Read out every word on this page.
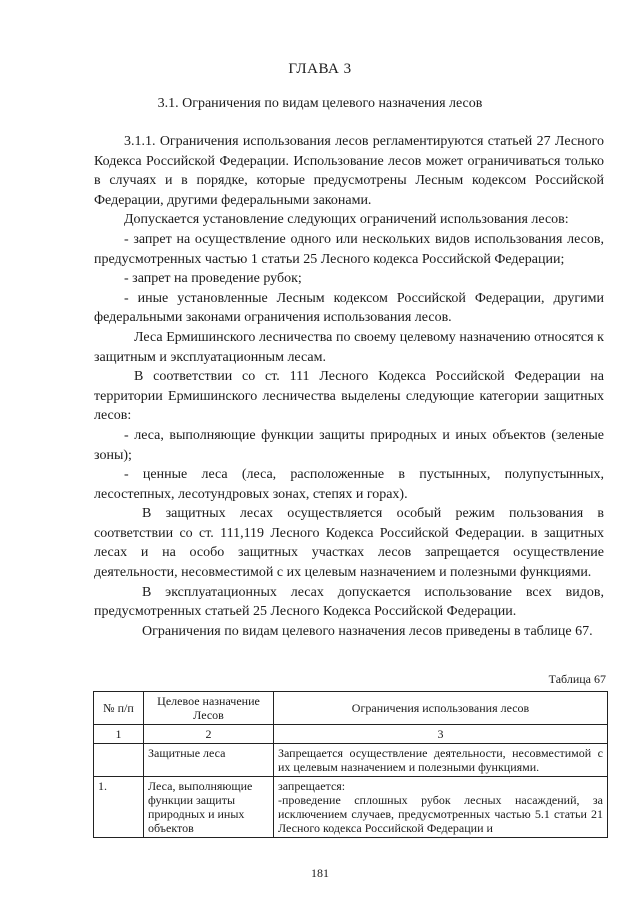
ГЛАВА 3
3.1. Ограничения по видам целевого назначения лесов

3.1.1. Ограничения использования лесов регламентируются статьей 27 Лесного Кодекса Российской Федерации. Использование лесов может ограничиваться только в случаях и в порядке, которые предусмотрены Лесным кодексом Российской Федерации, другими федеральными законами.

Допускается установление следующих ограничений использования лесов:

- запрет на осуществление одного или нескольких видов использования лесов, предусмотренных частью 1 статьи 25 Лесного кодекса Российской Федерации;

- запрет на проведение рубок;

- иные установленные Лесным кодексом Российской Федерации, другими федеральными законами ограничения использования лесов.

Леса Ермишинского лесничества по своему целевому назначению относятся к защитным и эксплуатационным лесам.

В соответствии со ст. 111 Лесного Кодекса Российской Федерации на территории Ермишинского лесничества выделены следующие категории защитных лесов:

- леса, выполняющие функции защиты природных и иных объектов (зеленые зоны);

- ценные леса (леса, расположенные в пустынных, полупустынных, лесостепных, лесотундровых зонах, степях и горах).

В защитных лесах осуществляется особый режим пользования в соответствии со ст. 111,119 Лесного Кодекса Российской Федерации. в защитных лесах и на особо защитных участках лесов запрещается осуществление деятельности, несовместимой с их целевым назначением и полезными функциями.

В эксплуатационных лесах допускается использование всех видов, предусмотренных статьей 25 Лесного Кодекса Российской Федерации.

Ограничения по видам целевого назначения лесов приведены в таблице 67.

Таблица 67
№ п/п	Целевое назначение Лесов	Ограничения использования лесов
1	2	3
	Защитные леса	Запрещается осуществление деятельности, несовместимой с их целевым назначением и полезными функциями.
1.	Леса, выполняющие функции защиты природных и иных объектов	запрещается:
-проведение сплошных рубок лесных насаждений, за исключением случаев, предусмотренных частью 5.1 статьи 21 Лесного кодекса Российской Федерации и
181
